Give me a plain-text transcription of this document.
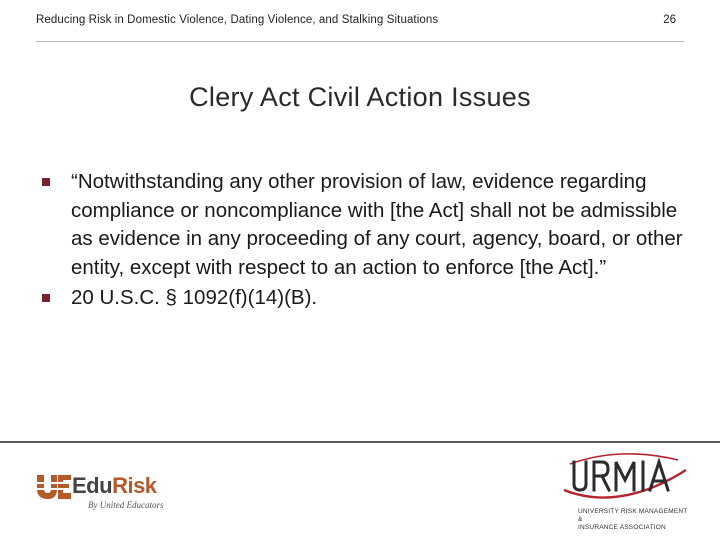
Reducing Risk in Domestic Violence, Dating Violence, and Stalking Situations	26
Clery Act Civil Action Issues
“Notwithstanding any other provision of law, evidence regarding compliance or noncompliance with [the Act] shall not be admissible as evidence in any proceeding of any court, agency, board, or other entity, except with respect to an action to enforce [the Act].”
20 U.S.C. § 1092(f)(14)(B).
EduRisk
By United Educators
UNIVERSITY RISK MANAGEMENT &
INSURANCE ASSOCIATION
